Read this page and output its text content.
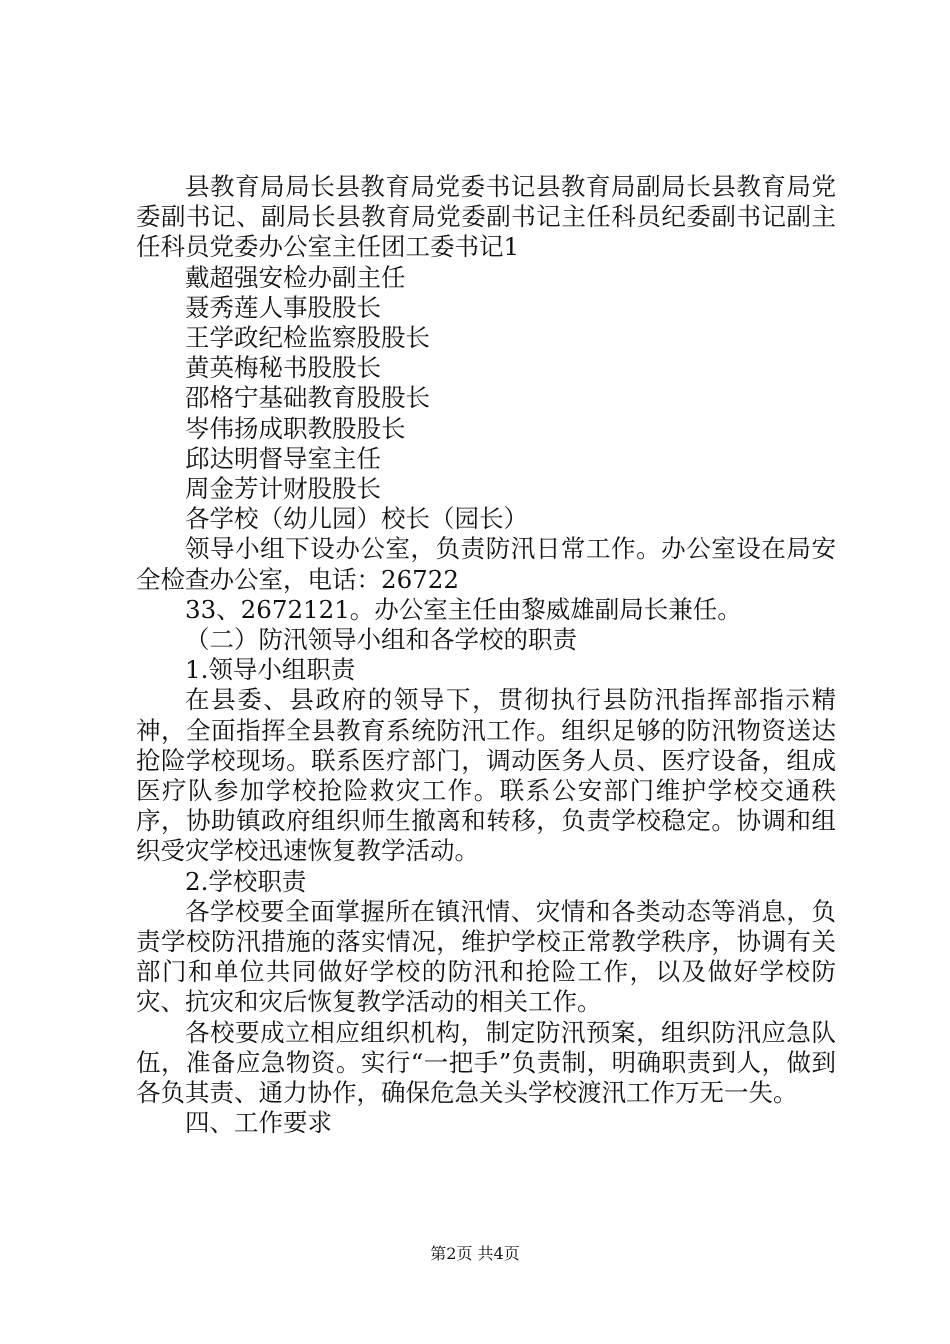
县教育局局长县教育局党委书记县教育局副局长县教育局党委副书记、副局长县教育局党委副书记主任科员纪委副书记副主任科员党委办公室主任团工委书记1

戴超强安检办副主任

聂秀莲人事股股长

王学政纪检监察股股长

黄英梅秘书股股长

邵格宁基础教育股股长

岑伟扬成职教股股长

邱达明督导室主任

周金芳计财股股长

各学校（幼儿园）校长（园长）

领导小组下设办公室，负责防汛日常工作。办公室设在局安全检查办公室，电话：26722

33、2672121。办公室主任由黎威雄副局长兼任。

（二）防汛领导小组和各学校的职责

1.领导小组职责

在县委、县政府的领导下，贯彻执行县防汛指挥部指示精神，全面指挥全县教育系统防汛工作。组织足够的防汛物资送达抢险学校现场。联系医疗部门，调动医务人员、医疗设备，组成医疗队参加学校抢险救灾工作。联系公安部门维护学校交通秩序，协助镇政府组织师生撤离和转移，负责学校稳定。协调和组织受灾学校迅速恢复教学活动。

2.学校职责

各学校要全面掌握所在镇汛情、灾情和各类动态等消息，负责学校防汛措施的落实情况，维护学校正常教学秩序，协调有关部门和单位共同做好学校的防汛和抢险工作，以及做好学校防灾、抗灾和灾后恢复教学活动的相关工作。

各校要成立相应组织机构，制定防汛预案，组织防汛应急队伍，准备应急物资。实行“一把手”负责制，明确职责到人，做到各负其责、通力协作，确保危急关头学校渡汛工作万无一失。

四、工作要求

第2页 共4页
